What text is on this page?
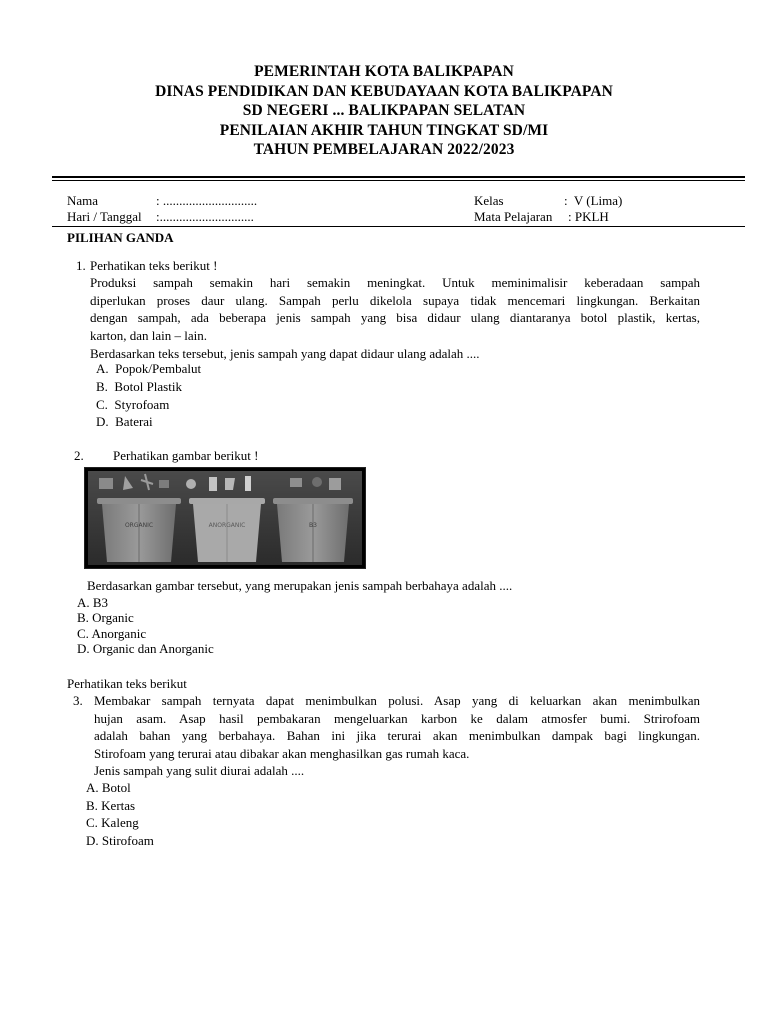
PEMERINTAH KOTA BALIKPAPAN
DINAS PENDIDIKAN DAN KEBUDAYAAN KOTA BALIKPAPAN
SD NEGERI ... BALIKPAPAN SELATAN
PENILAIAN AKHIR TAHUN TINGKAT SD/MI
TAHUN PEMBELAJARAN 2022/2023
Nama	: .............................
Hari / Tanggal :.............................
Kelas	:  V (Lima)
Mata Pelajaran : PKLH
PILIHAN GANDA
1. Perhatikan teks berikut !
Produksi sampah semakin hari semakin meningkat. Untuk meminimalisir keberadaan sampah
diperlukan proses daur ulang. Sampah perlu dikelola supaya tidak mencemari lingkungan. Berkaitan
dengan sampah, ada beberapa jenis sampah yang bisa didaur ulang diantaranya botol plastik, kertas,
karton, dan lain – lain.
Berdasarkan teks tersebut, jenis sampah yang dapat didaur ulang adalah ....
A.  Popok/Pembalut
B.  Botol Plastik
C.  Styrofoam
D.  Baterai
2. Perhatikan gambar berikut !
ORGANIC	ANORGANIC	B3
Berdasarkan gambar tersebut, yang merupakan jenis sampah berbahaya adalah ....
A. B3
B. Organic
C. Anorganic
D. Organic dan Anorganic
Perhatikan teks berikut
3. Membakar sampah ternyata dapat menimbulkan polusi. Asap yang di keluarkan akan menimbulkan
hujan asam. Asap hasil pembakaran mengeluarkan karbon ke dalam atmosfer bumi. Strirofoam
adalah bahan yang berbahaya. Bahan ini jika terurai akan menimbulkan dampak bagi lingkungan.
Stirofoam yang terurai atau dibakar akan menghasilkan gas rumah kaca.
Jenis sampah yang sulit diurai adalah ....
A. Botol
B. Kertas
C. Kaleng
D. Stirofoam
